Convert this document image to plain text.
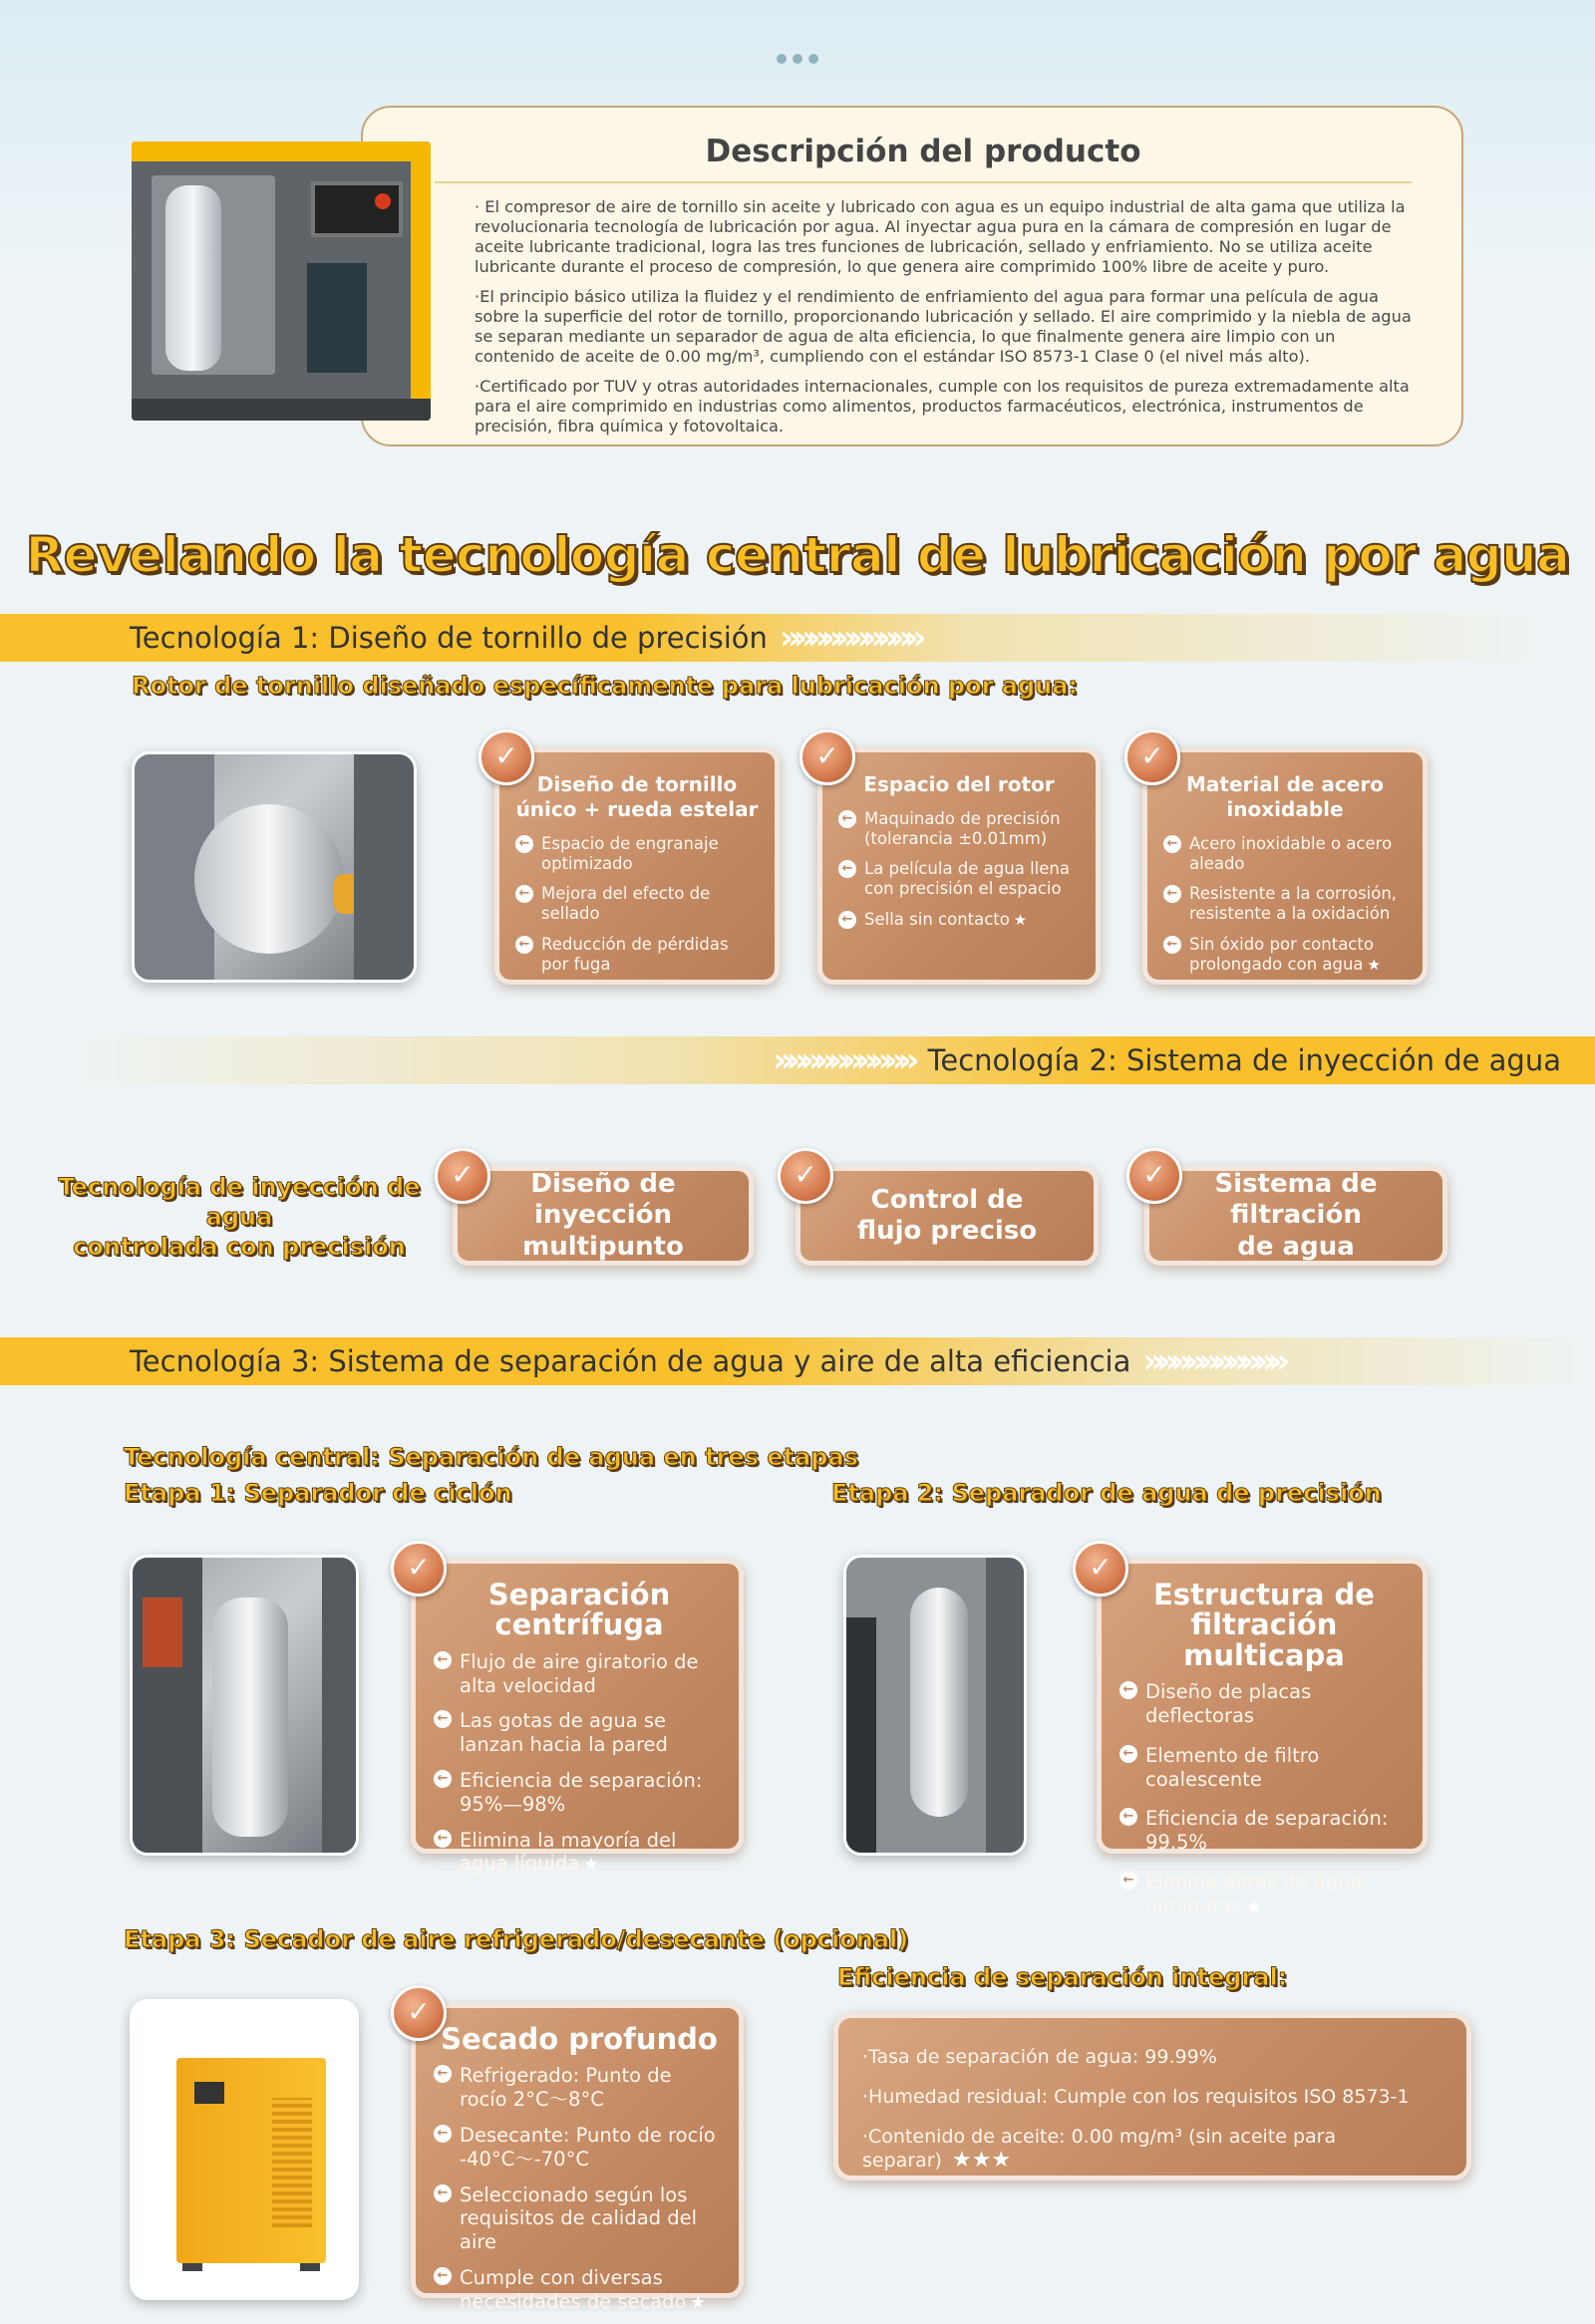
Descripción del producto

· El compresor de aire de tornillo sin aceite y lubricado con agua es un equipo industrial de alta gama que utiliza la revolucionaria tecnología de lubricación por agua. Al inyectar agua pura en la cámara de compresión en lugar de aceite lubricante tradicional, logra las tres funciones de lubricación, sellado y enfriamiento. No se utiliza aceite lubricante durante el proceso de compresión, lo que genera aire comprimido 100% libre de aceite y puro.

·El principio básico utiliza la fluidez y el rendimiento de enfriamiento del agua para formar una película de agua sobre la superficie del rotor de tornillo, proporcionando lubricación y sellado. El aire comprimido y la niebla de agua se separan mediante un separador de agua de alta eficiencia, lo que finalmente genera aire limpio con un contenido de aceite de 0.00 mg/m³, cumpliendo con el estándar ISO 8573-1 Clase 0 (el nivel más alto).

·Certificado por TUV y otras autoridades internacionales, cumple con los requisitos de pureza extremadamente alta para el aire comprimido en industrias como alimentos, productos farmacéuticos, electrónica, instrumentos de precisión, fibra química y fotovoltaica.

Revelando la tecnología central de lubricación por agua
Tecnología 1: Diseño de tornillo de precisión »»»»»»»»»»
Rotor de tornillo diseñado específicamente para lubricación por agua:
Diseño de tornillo único + rueda estelar
← Espacio de engranaje optimizado
← Mejora del efecto de sellado
← Reducción de pérdidas por fuga
✓
Espacio del rotor
← Maquinado de precisión (tolerancia ±0.01mm)
← La película de agua llena con precisión el espacio
← Sella sin contacto ★
✓
Material de acero inoxidable
← Acero inoxidable o acero aleado
← Resistente a la corrosión, resistente a la oxidación
← Sin óxido por contacto prolongado con agua ★
✓
»»»»»»»»»» Tecnología 2: Sistema de inyección de agua
Tecnología de inyección de agua
controlada con precisión
Diseño de inyección
multipunto
✓
Control de
flujo preciso
✓	Sistema de filtración
de agua
✓
Tecnología 3: Sistema de separación de agua y aire de alta eficiencia »»»»»»»»»»
Tecnología central: Separación de agua en tres etapas
Etapa 1: Separador de ciclón	Etapa 2: Separador de agua de precisión
Separación centrífuga
← Flujo de aire giratorio de alta velocidad
← Las gotas de agua se lanzan hacia la pared
← Eficiencia de separación: 95%—98%
← Elimina la mayoría del agua líquida ★
✓
Estructura de filtración multicapa
← Diseño de placas deflectoras
← Elemento de filtro coalescente
← Eficiencia de separación: 99.5%
← Elimina gotas de agua diminutas ★
✓
Etapa 3: Secador de aire refrigerado/desecante (opcional)
Secado profundo
← Refrigerado: Punto de rocío 2°C～8°C
← Desecante: Punto de rocío -40°C～-70°C
← Seleccionado según los requisitos de calidad del aire
← Cumple con diversas necesidades de secado ★
✓
Eficiencia de separación integral:

·Tasa de separación de agua: 99.99%

·Humedad residual: Cumple con los requisitos ISO 8573-1

·Contenido de aceite: 0.00 mg/m³ (sin aceite para separar) ★★★
